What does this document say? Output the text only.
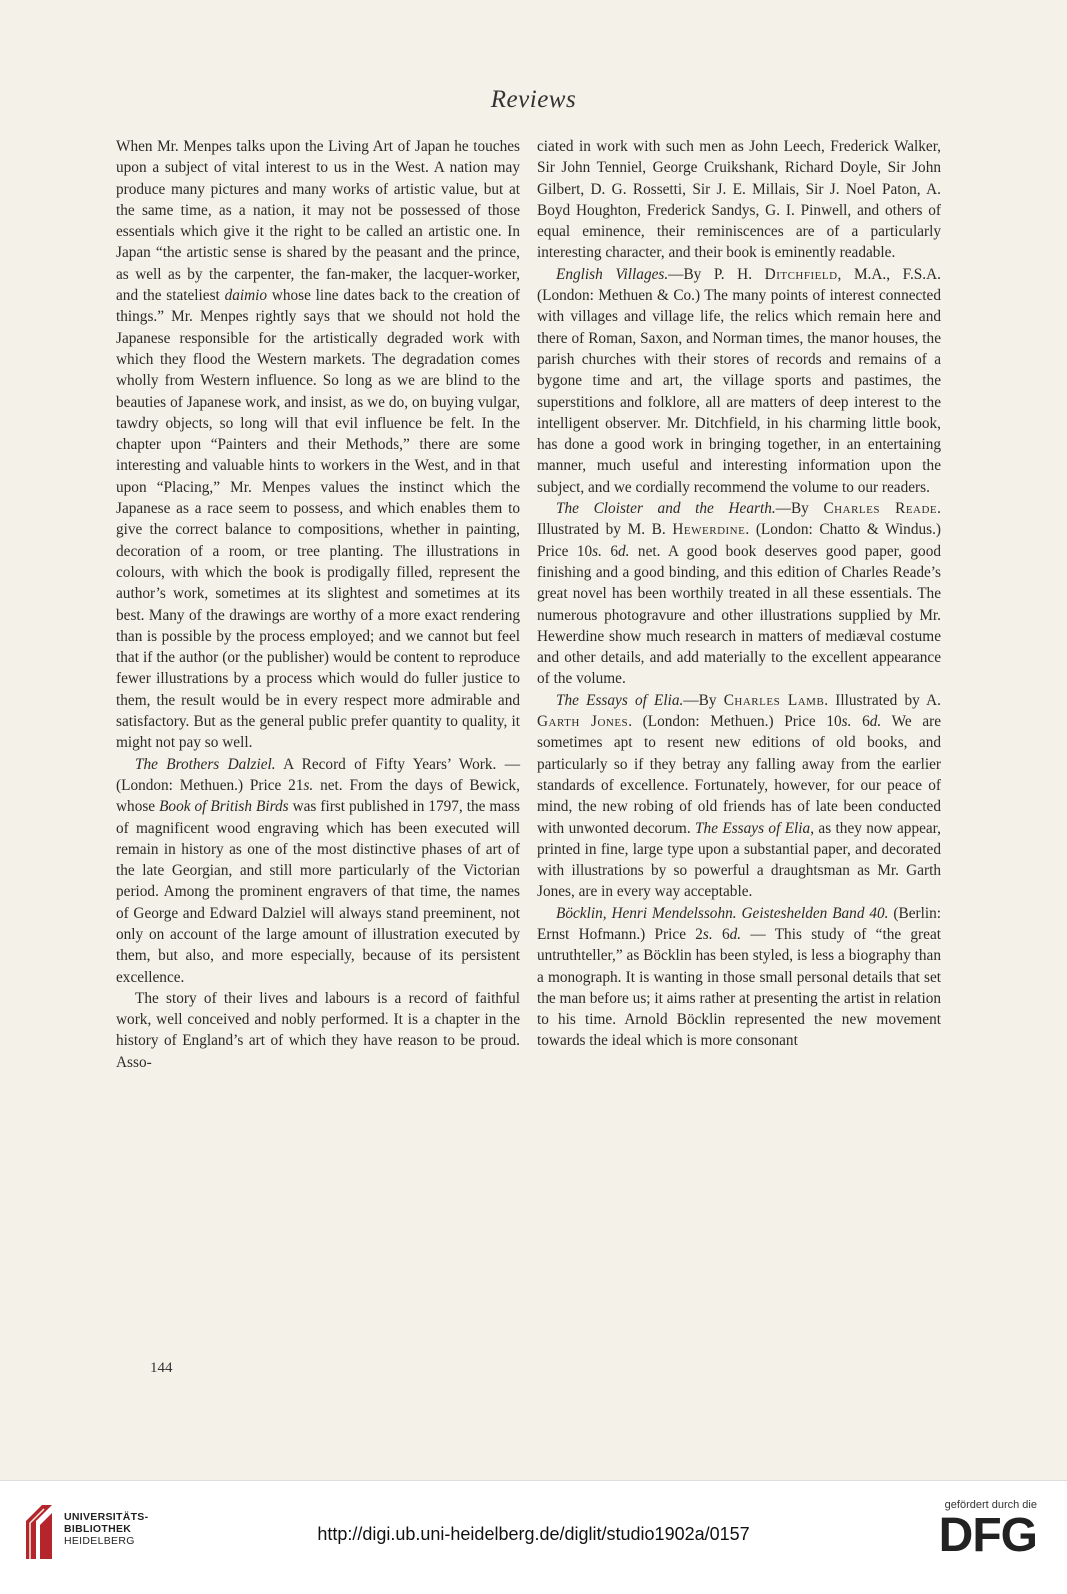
Reviews

When Mr. Menpes talks upon the Living Art of Japan he touches upon a subject of vital interest to us in the West. A nation may produce many pictures and many works of artistic value, but at the same time, as a nation, it may not be possessed of those essentials which give it the right to be called an artistic one. In Japan “the artistic sense is shared by the peasant and the prince, as well as by the carpenter, the fan-maker, the lacquer-worker, and the stateliest daimio whose line dates back to the creation of things.” Mr. Menpes rightly says that we should not hold the Japanese responsible for the artistically degraded work with which they flood the Western markets. The degradation comes wholly from Western influence. So long as we are blind to the beauties of Japanese work, and insist, as we do, on buying vulgar, tawdry objects, so long will that evil influence be felt. In the chapter upon “Painters and their Methods,” there are some interesting and valuable hints to workers in the West, and in that upon “Placing,” Mr. Menpes values the instinct which the Japanese as a race seem to possess, and which enables them to give the correct balance to compositions, whether in painting, decoration of a room, or tree planting. The illustrations in colours, with which the book is prodigally filled, represent the author’s work, sometimes at its slightest and sometimes at its best. Many of the drawings are worthy of a more exact rendering than is possible by the process employed; and we cannot but feel that if the author (or the publisher) would be content to reproduce fewer illustrations by a process which would do fuller justice to them, the result would be in every respect more admirable and satisfactory. But as the general public prefer quantity to quality, it might not pay so well.

The Brothers Dalziel. A Record of Fifty Years’ Work. — (London: Methuen.) Price 21s. net. From the days of Bewick, whose Book of British Birds was first published in 1797, the mass of magnificent wood engraving which has been executed will remain in history as one of the most distinctive phases of art of the late Georgian, and still more particularly of the Victorian period. Among the prominent engravers of that time, the names of George and Edward Dalziel will always stand preeminent, not only on account of the large amount of illustration executed by them, but also, and more especially, because of its persistent excellence.

The story of their lives and labours is a record of faithful work, well conceived and nobly performed. It is a chapter in the history of England’s art of which they have reason to be proud. Asso-

ciated in work with such men as John Leech, Frederick Walker, Sir John Tenniel, George Cruikshank, Richard Doyle, Sir John Gilbert, D. G. Rossetti, Sir J. E. Millais, Sir J. Noel Paton, A. Boyd Houghton, Frederick Sandys, G. I. Pinwell, and others of equal eminence, their reminiscences are of a particularly interesting character, and their book is eminently readable.

English Villages.—By P. H. Ditchfield, M.A., F.S.A. (London: Methuen & Co.) The many points of interest connected with villages and village life, the relics which remain here and there of Roman, Saxon, and Norman times, the manor houses, the parish churches with their stores of records and remains of a bygone time and art, the village sports and pastimes, the superstitions and folklore, all are matters of deep interest to the intelligent observer. Mr. Ditchfield, in his charming little book, has done a good work in bringing together, in an entertaining manner, much useful and interesting information upon the subject, and we cordially recommend the volume to our readers.

The Cloister and the Hearth.—By Charles Reade. Illustrated by M. B. Hewerdine. (London: Chatto & Windus.) Price 10s. 6d. net. A good book deserves good paper, good finishing and a good binding, and this edition of Charles Reade’s great novel has been worthily treated in all these essentials. The numerous photogravure and other illustrations supplied by Mr. Hewerdine show much research in matters of mediæval costume and other details, and add materially to the excellent appearance of the volume.

The Essays of Elia.—By Charles Lamb. Illustrated by A. Garth Jones. (London: Methuen.) Price 10s. 6d. We are sometimes apt to resent new editions of old books, and particularly so if they betray any falling away from the earlier standards of excellence. Fortunately, however, for our peace of mind, the new robing of old friends has of late been conducted with unwonted decorum. The Essays of Elia, as they now appear, printed in fine, large type upon a substantial paper, and decorated with illustrations by so powerful a draughtsman as Mr. Garth Jones, are in every way acceptable.

Böcklin, Henri Mendelssohn. Geisteshelden Band 40. (Berlin: Ernst Hofmann.) Price 2s. 6d. — This study of “the great untruthteller,” as Böcklin has been styled, is less a biography than a monograph. It is wanting in those small personal details that set the man before us; it aims rather at presenting the artist in relation to his time. Arnold Böcklin represented the new movement towards the ideal which is more consonant

144
UNIVERSITÄTS-
BIBLIOTHEK
HEIDELBERG	http://digi.ub.uni-heidelberg.de/diglit/studio1902a/0157
gefördert durch die
DFG
